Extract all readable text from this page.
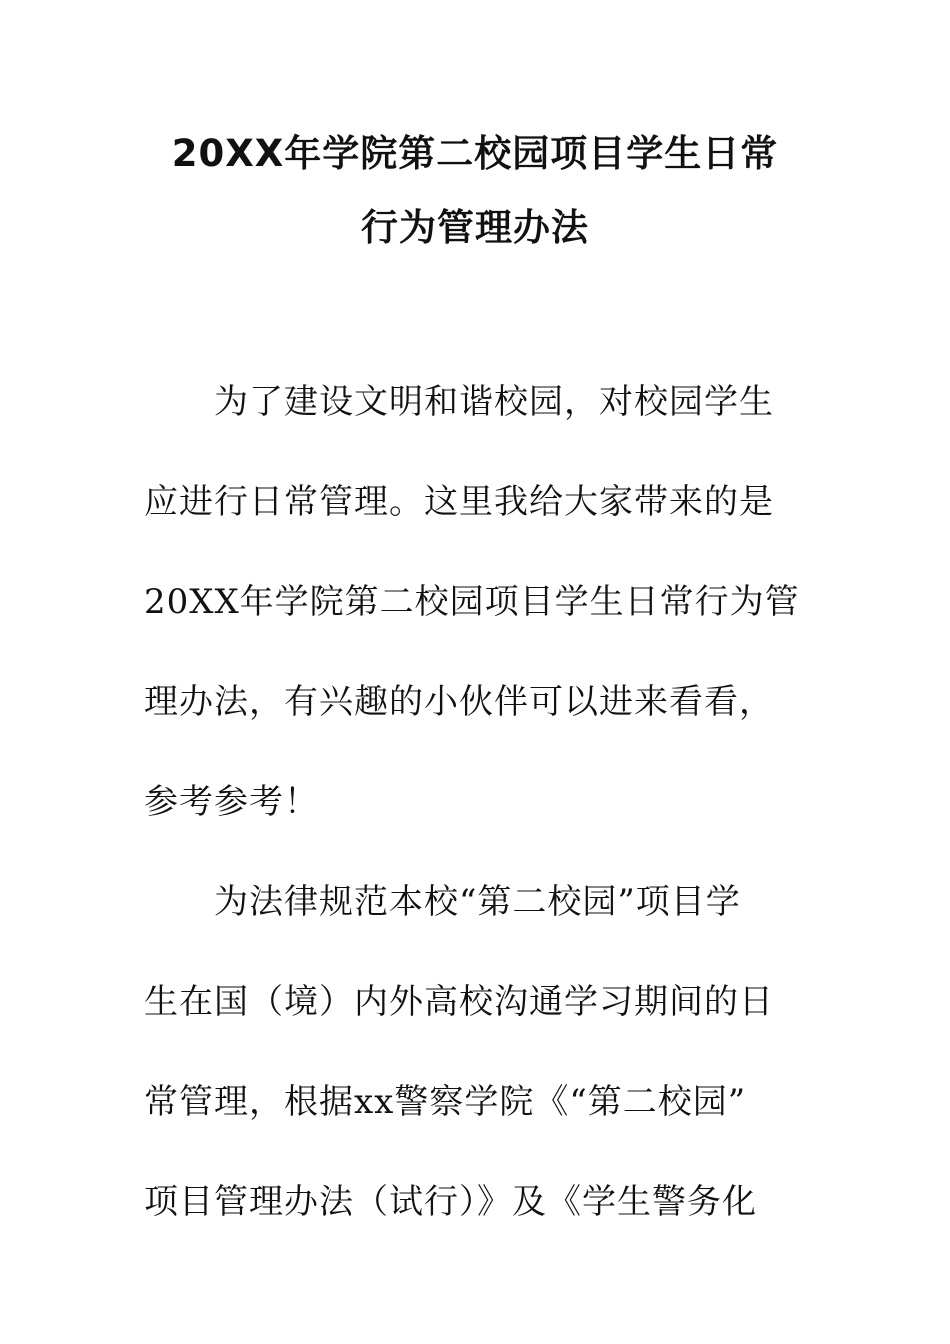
20XX年学院第二校园项目学生日常
行为管理办法
为了建设文明和谐校园，对校园学生
应进行日常管理。这里我给大家带来的是
20XX年学院第二校园项目学生日常行为管
理办法，有兴趣的小伙伴可以进来看看，
参考参考！
为法律规范本校“第二校园”项目学
生在国（境）内外高校沟通学习期间的日
常管理，根据xx警察学院《“第二校园”
项目管理办法（试行）》及《学生警务化
